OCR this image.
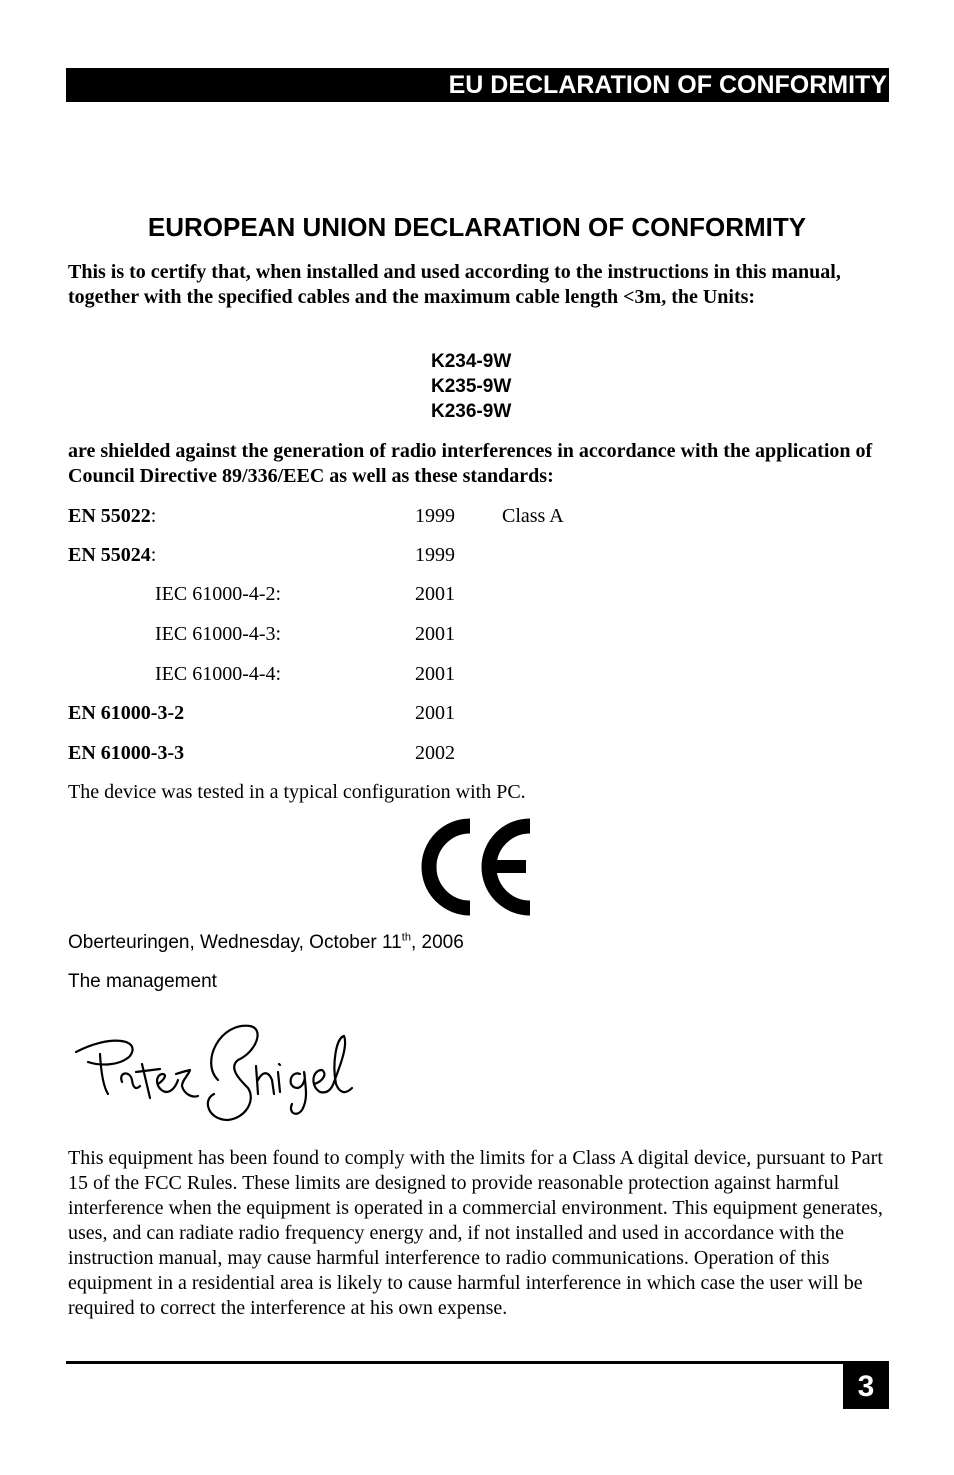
EU DECLARATION OF CONFORMITY
EUROPEAN UNION DECLARATION OF CONFORMITY
This is to certify that, when installed and used according to the instructions in this manual, together with the specified cables and the maximum cable length <3m, the Units:
K234-9W
K235-9W
K236-9W
are shielded against the generation of radio interferences in accordance with the application of Council Directive 89/336/EEC as well as these standards:
EN 55022:	1999 Class A
EN 55024:	1999
IEC 61000-4-2:	2001
IEC 61000-4-3:	2001
IEC 61000-4-4:	2001
EN 61000-3-2	2001
EN 61000-3-3	2002
The device was tested in a typical configuration with PC.
Oberteuringen, Wednesday, October 11th, 2006
The management
This equipment has been found to comply with the limits for a Class A digital device, pursuant to Part 15 of the FCC Rules. These limits are designed to provide reasonable protection against harmful interference when the equipment is operated in a commercial environment. This equipment generates, uses, and can radiate radio frequency energy and, if not installed and used in accordance with the instruction manual, may cause harmful interference to radio communications. Operation of this equipment in a residential area is likely to cause harmful interference in which case the user will be required to correct the interference at his own expense.
3
